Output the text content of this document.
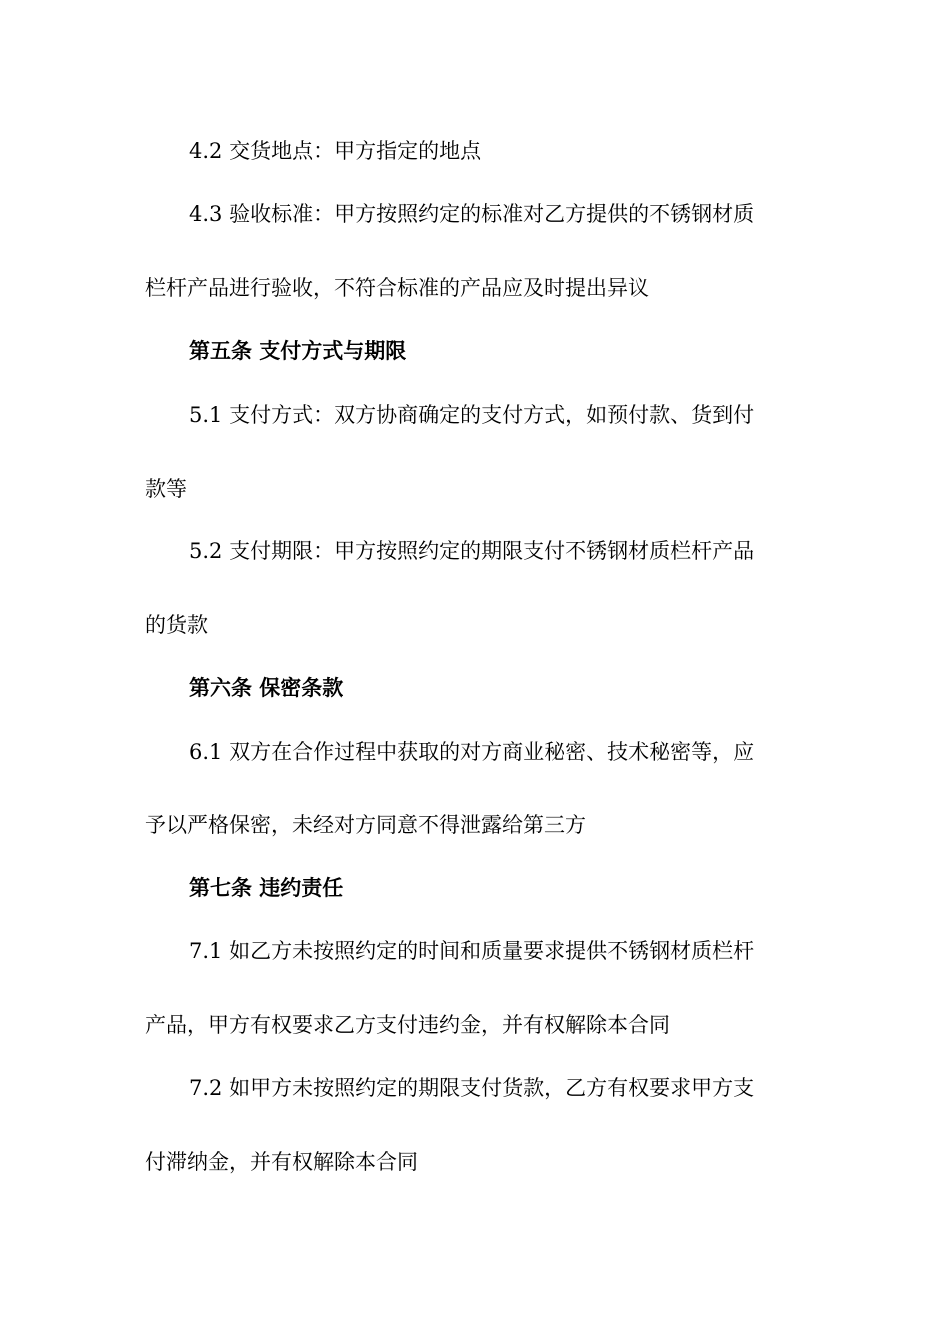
4.2 交货地点：甲方指定的地点
4.3 验收标准：甲方按照约定的标准对乙方提供的不锈钢材质
栏杆产品进行验收，不符合标准的产品应及时提出异议
第五条 支付方式与期限
5.1 支付方式：双方协商确定的支付方式，如预付款、货到付
款等
5.2 支付期限：甲方按照约定的期限支付不锈钢材质栏杆产品
的货款
第六条 保密条款
6.1 双方在合作过程中获取的对方商业秘密、技术秘密等，应
予以严格保密，未经对方同意不得泄露给第三方
第七条 违约责任
7.1 如乙方未按照约定的时间和质量要求提供不锈钢材质栏杆
产品，甲方有权要求乙方支付违约金，并有权解除本合同
7.2 如甲方未按照约定的期限支付货款，乙方有权要求甲方支
付滞纳金，并有权解除本合同
